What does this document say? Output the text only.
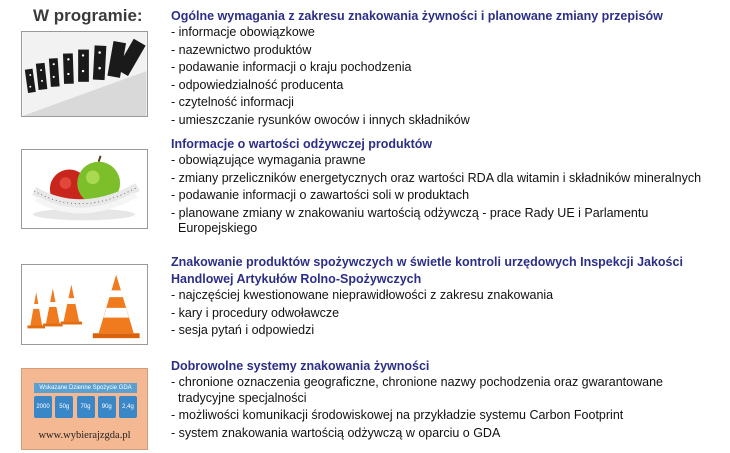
W programie:
Wskazane Dzienne Spożycie GDA
2000	50g	70g	90g	2,4g
www.wybierajzgda.pl

Ogólne wymagania z zakresu znakowania żywności i planowane zmiany przepisów

- informacje obowiązkowe
- nazewnictwo produktów
- podawanie informacji o kraju pochodzenia
- odpowiedzialność producenta
- czytelność informacji
- umieszczanie rysunków owoców i innych składników

Informacje o wartości odżywczej produktów

- obowiązujące wymagania prawne
- zmiany przeliczników energetycznych oraz wartości RDA dla witamin i składników mineralnych
- podawanie informacji o zawartości soli w produktach
- planowane zmiany w znakowaniu wartością odżywczą - prace Rady UE i Parlamentu Europejskiego

Znakowanie produktów spożywczych w świetle kontroli urzędowych Inspekcji Jakości Handlowej Artykułów Rolno-Spożywczych

- najczęściej kwestionowane nieprawidłowości z zakresu znakowania
- kary i procedury odwoławcze
- sesja pytań i odpowiedzi

Dobrowolne systemy znakowania żywności

- chronione oznaczenia geograficzne, chronione nazwy pochodzenia oraz gwarantowane tradycyjne specjalności
- możliwości komunikacji środowiskowej na przykładzie systemu Carbon Footprint
- system znakowania wartością odżywczą w oparciu o GDA
